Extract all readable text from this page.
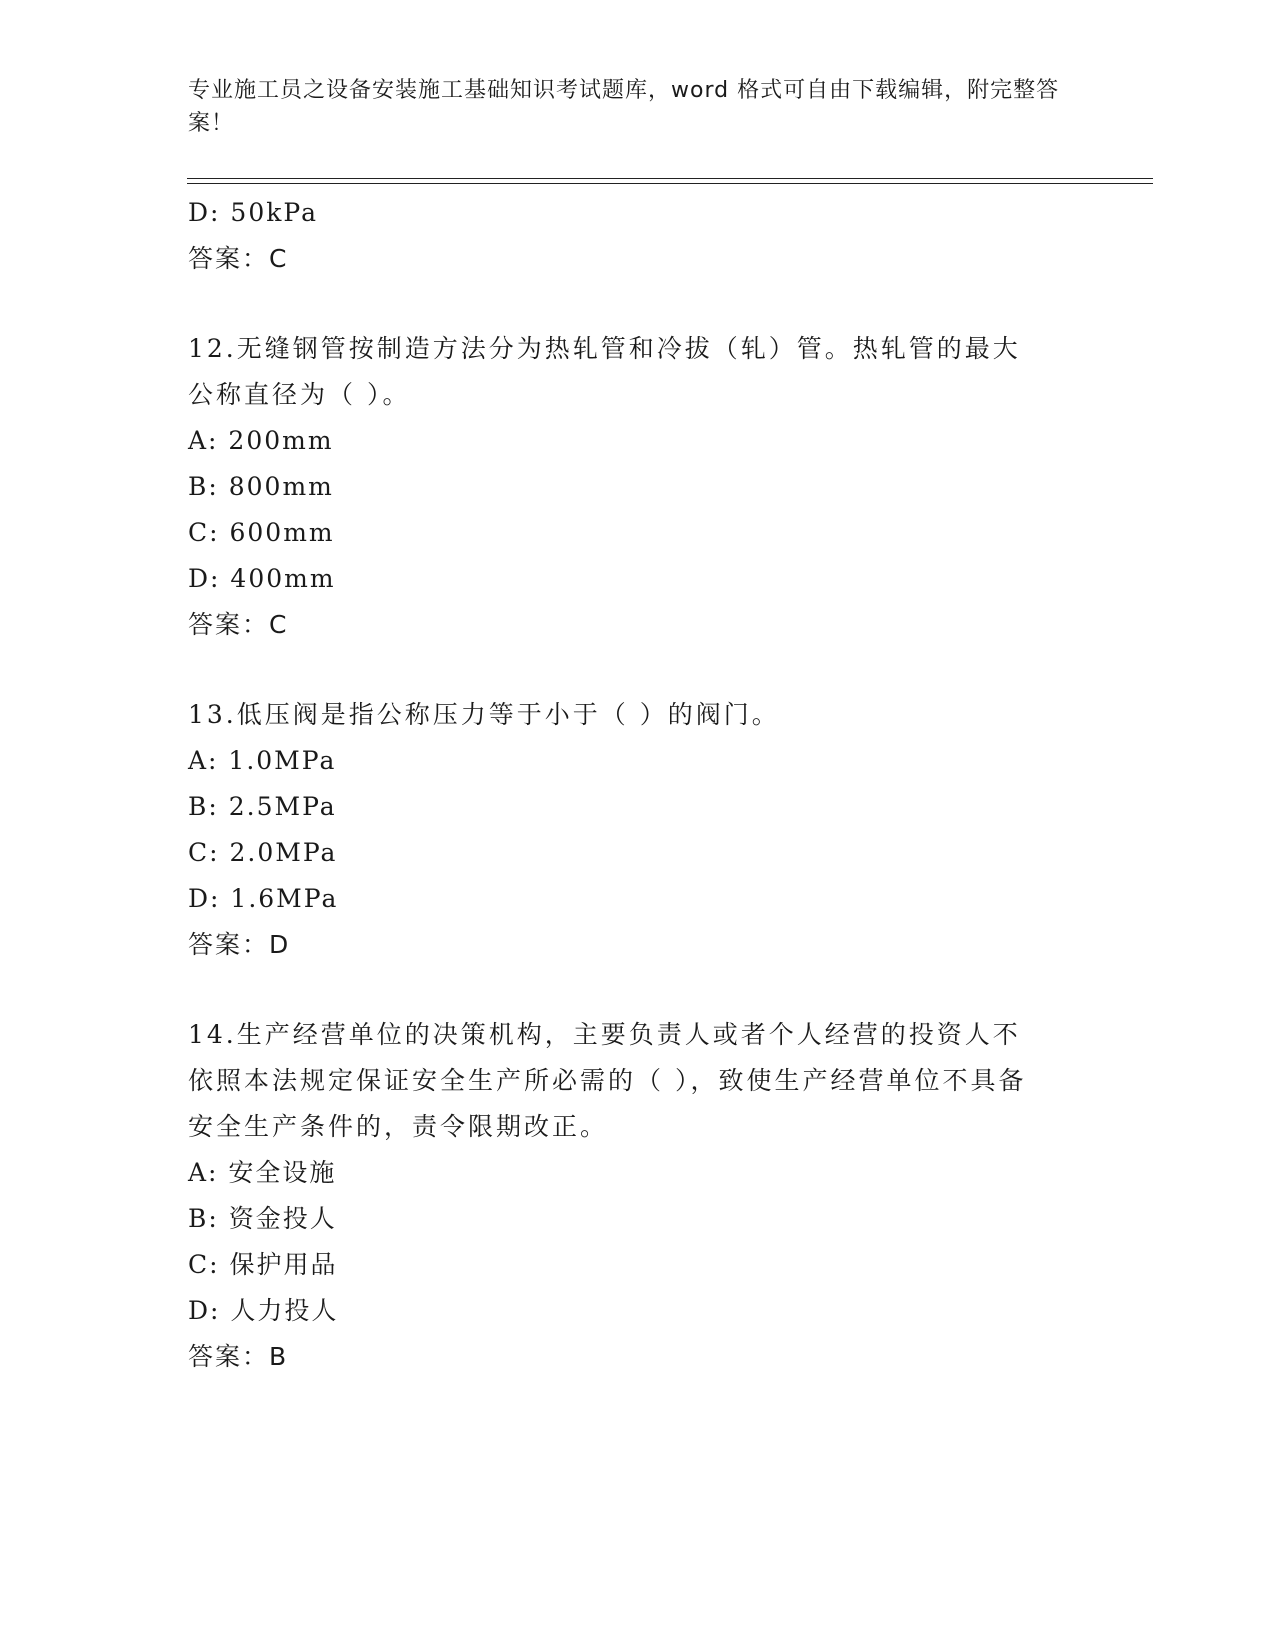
专业施工员之设备安装施工基础知识考试题库，word 格式可自由下载编辑，附完整答案！
D: 50kPa
答案：C
12.无缝钢管按制造方法分为热轧管和冷拔（轧）管。热轧管的最大公称直径为（ ）。
A: 200mm
B: 800mm
C: 600mm
D: 400mm
答案：C
13.低压阀是指公称压力等于小于（ ）的阀门。
A: 1.0MPa
B: 2.5MPa
C: 2.0MPa
D: 1.6MPa
答案：D
14.生产经营单位的决策机构，主要负责人或者个人经营的投资人不依照本法规定保证安全生产所必需的（ ），致使生产经营单位不具备安全生产条件的，责令限期改正。
A: 安全设施
B: 资金投人
C: 保护用品
D: 人力投人
答案：B
